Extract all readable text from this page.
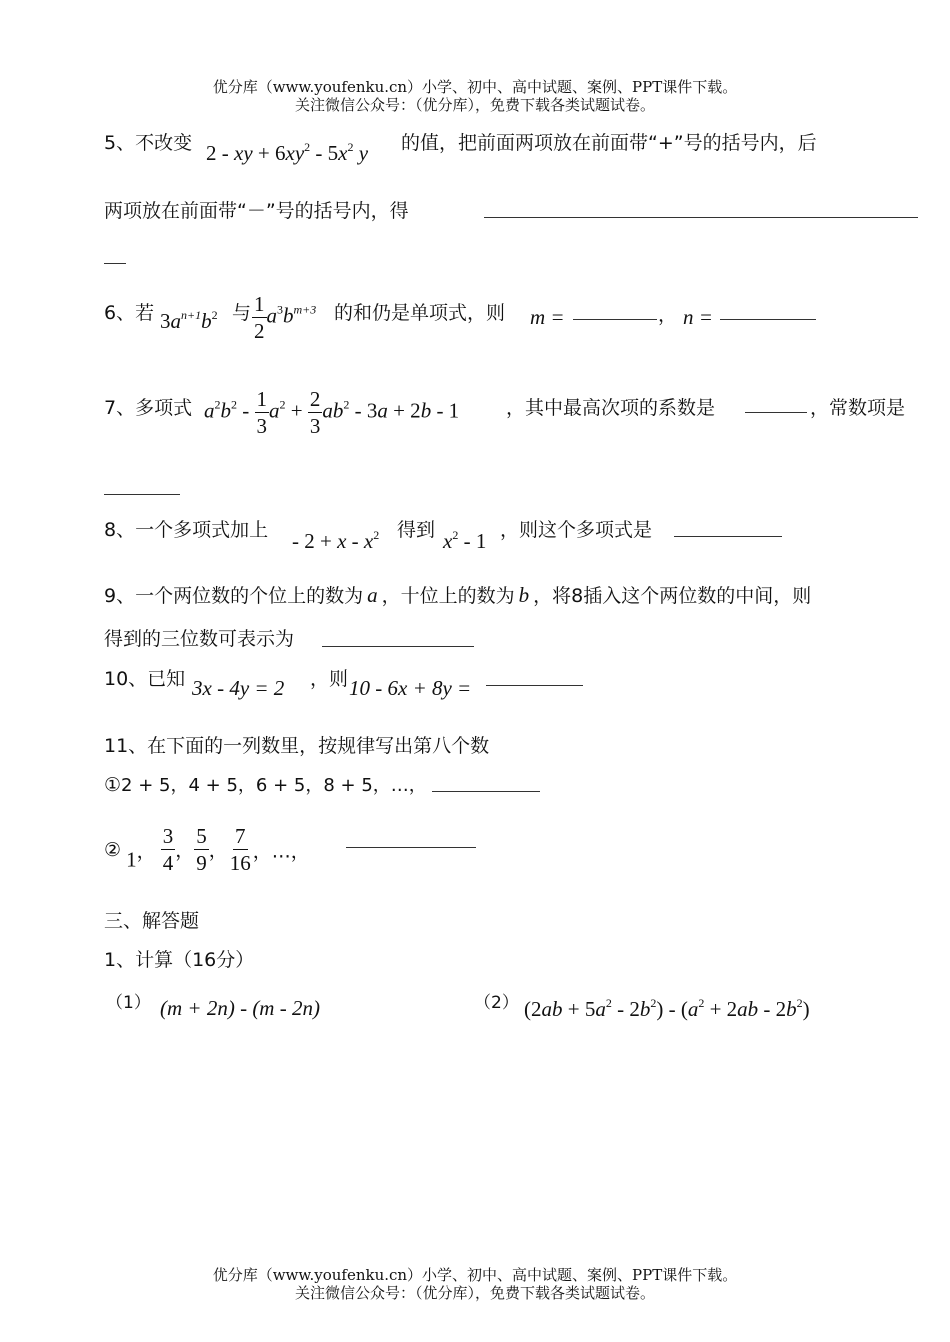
优分库（www.youfenku.cn）小学、初中、高中试题、案例、PPT课件下载。
关注微信公众号：（优分库），免费下载各类试题试卷。
5、不改变 2 - xy + $6xy^2 - 5x^2$ y 的值，把前面两项放在前面带“+”号的括号内，后
两项放在前面带“－”号的括号内，得
6、若 $3a^{n+1}b^2$ 与 $\frac{1}{2} a^3b^{m+3}$ 的和仍是单项式，则 m =	， n =
7、多项式 $a^2b^2 - \frac{1}{3} a^2 + \frac{2}{3} ab^2 - 3a + 2b - 1$ ，其中最高次项的系数是	，常数项是
8、一个多项式加上 - $2 + x - x^2$ 得到 $x^2 - 1$ ，则这个多项式是
9、一个两位数的个位上的数为 a ，十位上的数为 b ，将8插入这个两位数的中间，则
得到的三位数可表示为
10、已知 3x - 4y = 2 ，则 10 - 6x + 8y =
11、在下面的一列数里，按规律写出第八个数
①2 + 5，4 + 5，6 + 5，8 + 5，…，
② 1， $\frac{3}{4}$ ， $\frac{5}{9}$ ， $\frac{7}{16}$ ，…，
三、解答题
1、计算（16分）
（1） (m + 2n) - (m - 2n)	（2） $(2ab + 5a^2 - 2b^2) - (a^2 + 2ab - 2b^2)$
优分库（www.youfenku.cn）小学、初中、高中试题、案例、PPT课件下载。
关注微信公众号：（优分库），免费下载各类试题试卷。
